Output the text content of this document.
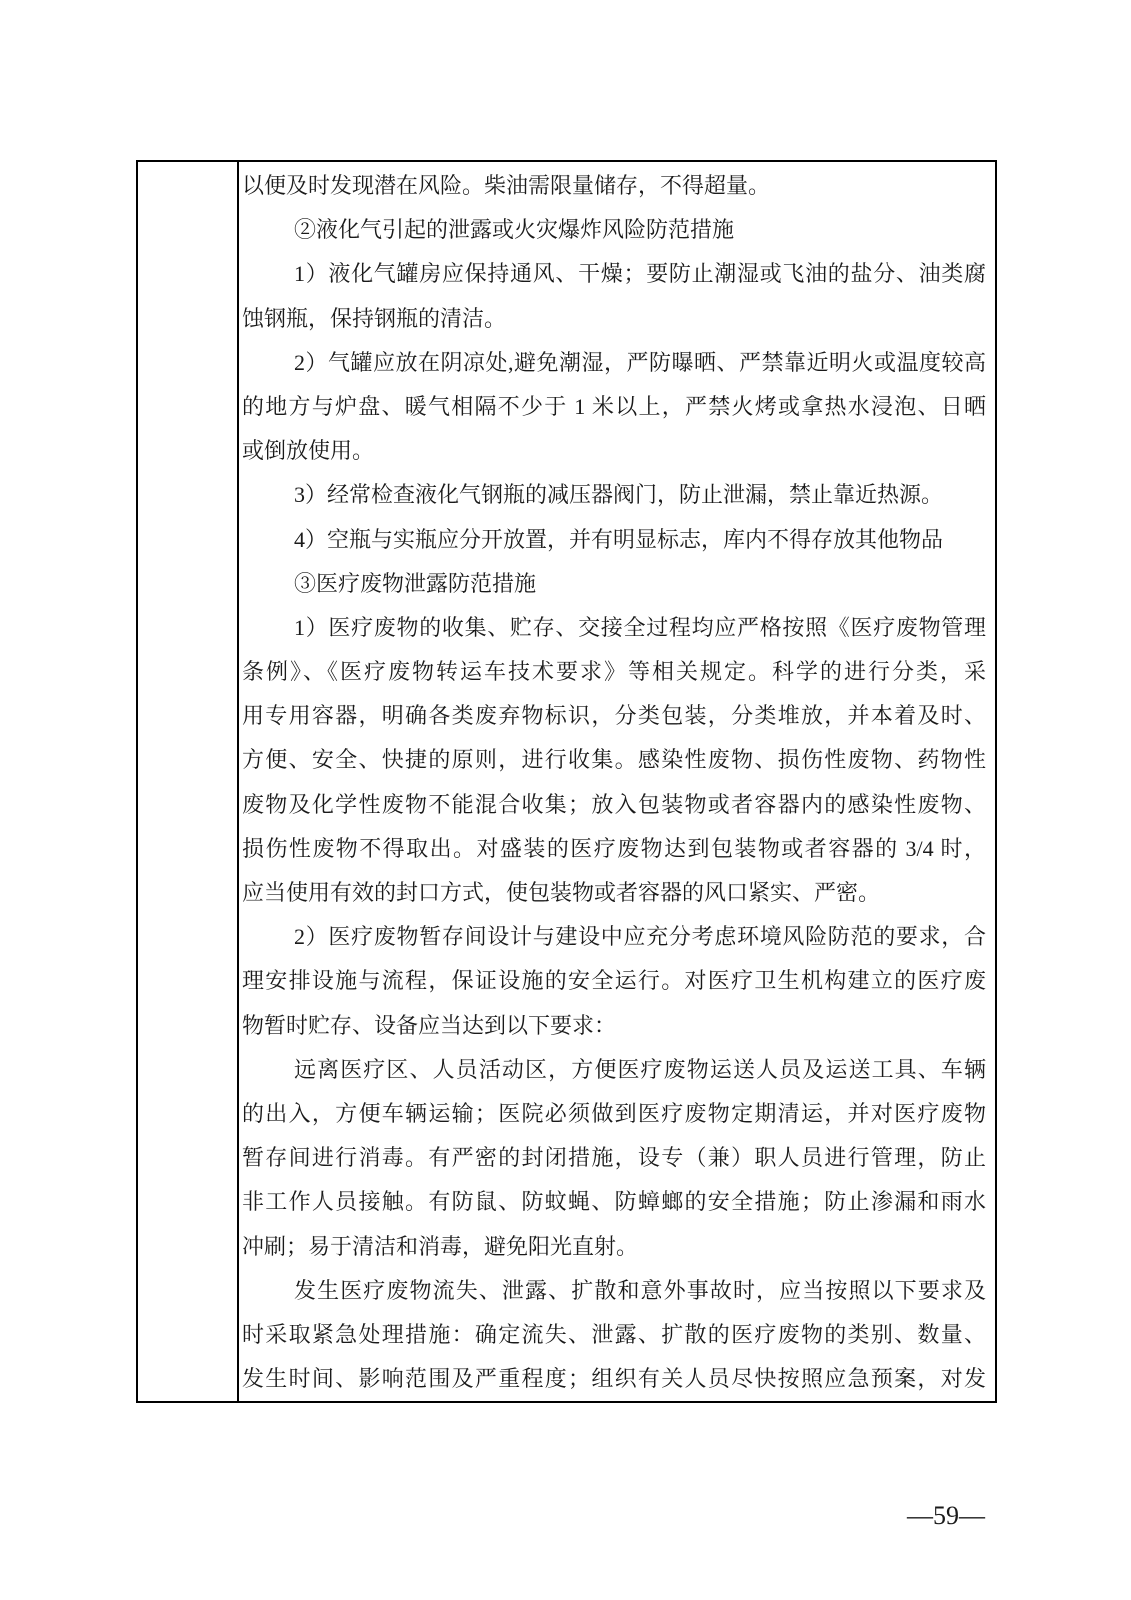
以便及时发现潜在风险。柴油需限量储存，不得超量。
②液化气引起的泄露或火灾爆炸风险防范措施
1）液化气罐房应保持通风、干燥；要防止潮湿或飞油的盐分、油类腐
蚀钢瓶，保持钢瓶的清洁。
2）气罐应放在阴凉处,避免潮湿，严防曝晒、严禁靠近明火或温度较高
的地方与炉盘、暖气相隔不少于 1 米以上，严禁火烤或拿热水浸泡、日晒
或倒放使用。
3）经常检查液化气钢瓶的减压器阀门，防止泄漏，禁止靠近热源。
4）空瓶与实瓶应分开放置，并有明显标志，库内不得存放其他物品
③医疗废物泄露防范措施
1）医疗废物的收集、贮存、交接全过程均应严格按照《医疗废物管理
条例》、《医疗废物转运车技术要求》等相关规定。科学的进行分类，采
用专用容器，明确各类废弃物标识，分类包装，分类堆放，并本着及时、
方便、安全、快捷的原则，进行收集。感染性废物、损伤性废物、药物性
废物及化学性废物不能混合收集；放入包装物或者容器内的感染性废物、
损伤性废物不得取出。对盛装的医疗废物达到包装物或者容器的 3/4 时，
应当使用有效的封口方式，使包装物或者容器的风口紧实、严密。
2）医疗废物暂存间设计与建设中应充分考虑环境风险防范的要求，合
理安排设施与流程，保证设施的安全运行。对医疗卫生机构建立的医疗废
物暂时贮存、设备应当达到以下要求：
远离医疗区、人员活动区，方便医疗废物运送人员及运送工具、车辆
的出入，方便车辆运输；医院必须做到医疗废物定期清运，并对医疗废物
暂存间进行消毒。有严密的封闭措施，设专（兼）职人员进行管理，防止
非工作人员接触。有防鼠、防蚊蝇、防蟑螂的安全措施；防止渗漏和雨水
冲刷；易于清洁和消毒，避免阳光直射。
发生医疗废物流失、泄露、扩散和意外事故时，应当按照以下要求及
时采取紧急处理措施：确定流失、泄露、扩散的医疗废物的类别、数量、
发生时间、影响范围及严重程度；组织有关人员尽快按照应急预案，对发
—59—
